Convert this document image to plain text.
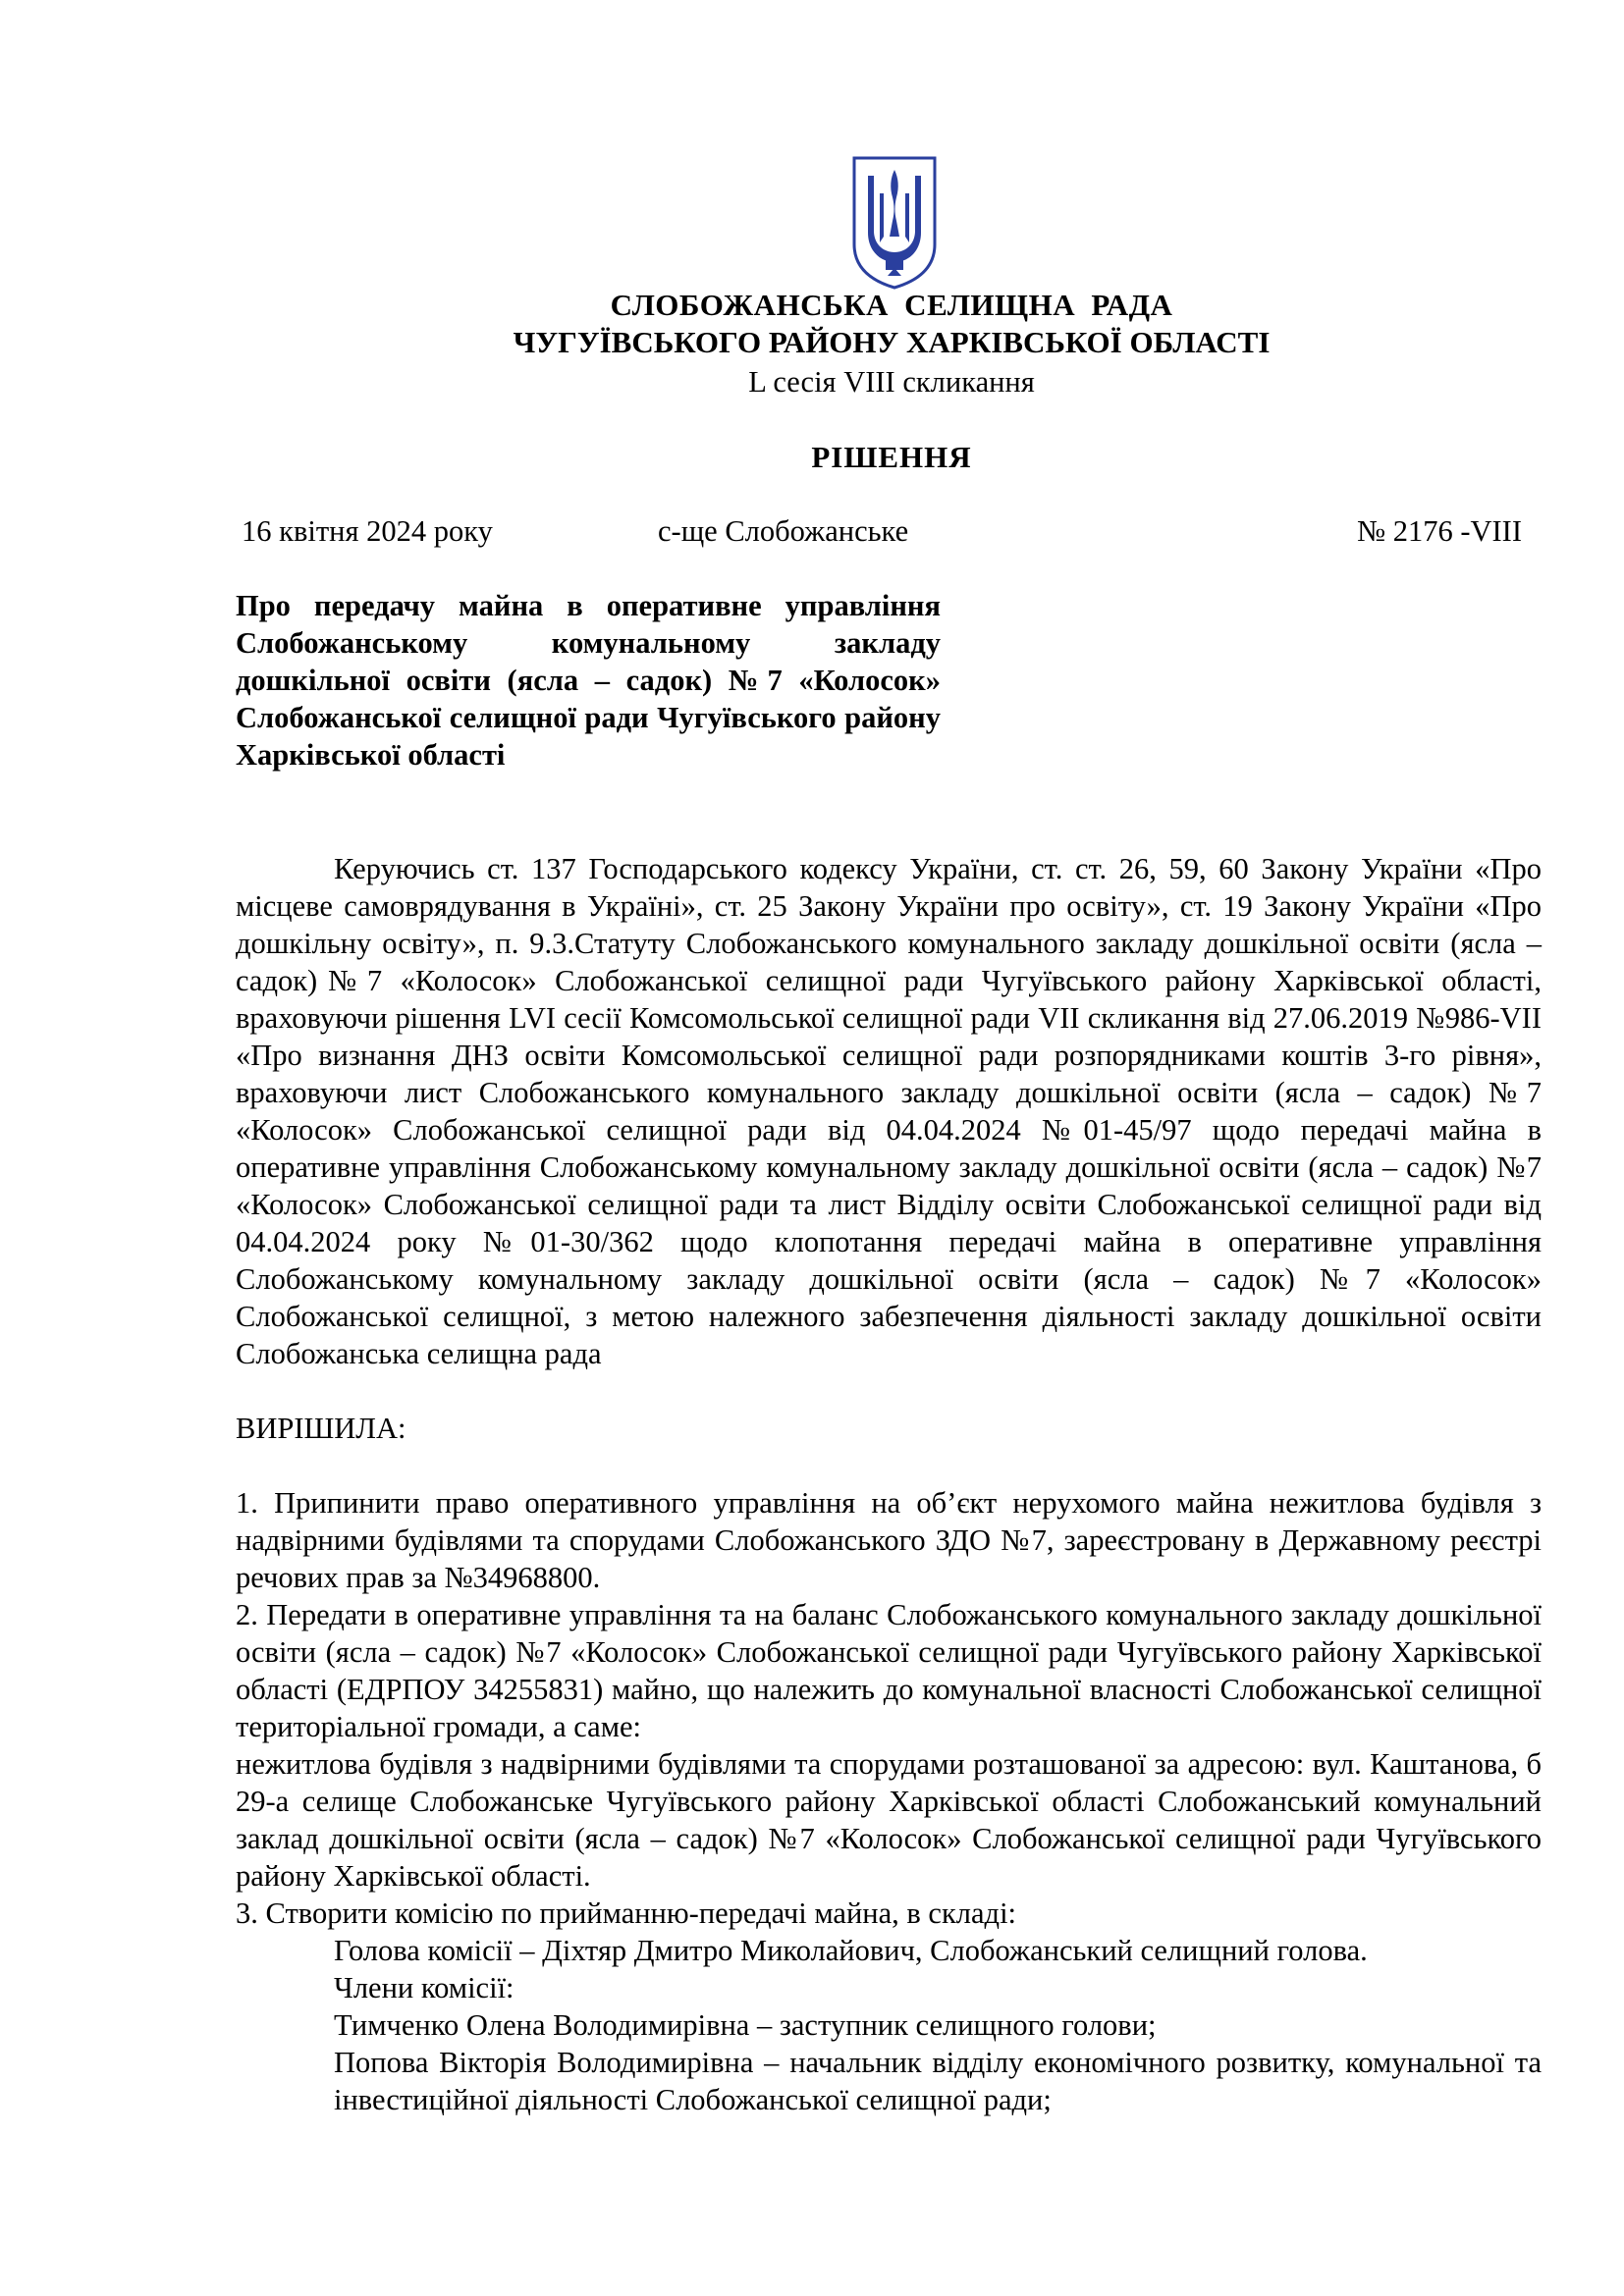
СЛОБОЖАНСЬКА СЕЛИЩНА РАДА
ЧУГУЇВСЬКОГО РАЙОНУ ХАРКІВСЬКОЇ ОБЛАСТІ
L сесія VIII скликання
РІШЕННЯ
16 квітня 2024 року	с-ще Слобожанське	№ 2176 -VIII
Про передачу майна в оперативне управління Слобожанському комунальному закладу дошкільної освіти (ясла – садок) №7 «Колосок» Слобожанської селищної ради Чугуївського району Харківської області

Керуючись ст. 137 Господарського кодексу України, ст. ст. 26, 59, 60 Закону України «Про місцеве самоврядування в Україні», ст. 25 Закону України про освіту», ст. 19 Закону України «Про дошкільну освіту», п. 9.3.Статуту Слобожанського комунального закладу дошкільної освіти (ясла – садок)№7 «Колосок» Слобожанської селищної ради Чугуївського району Харківської області, враховуючи рішення LVI сесії Комсомольської селищної ради VII скликання від 27.06.2019 №986-VII «Про визнання ДНЗ освіти Комсомольської селищної ради розпорядниками коштів 3-го рівня», враховуючи лист Слобожанського комунального закладу дошкільної освіти (ясла – садок) №7 «Колосок» Слобожанської селищної ради від 04.04.2024 №01-45/97 щодо передачі майна в оперативне управління Слобожанському комунальному закладу дошкільної освіти (ясла – садок) №7 «Колосок» Слобожанської селищної ради та лист Відділу освіти Слобожанської селищної ради від 04.04.2024 року №01-30/362 щодо клопотання передачі майна в оперативне управління Слобожанському комунальному закладу дошкільної освіти (ясла – садок) №7 «Колосок» Слобожанської селищної, з метою належного забезпечення діяльності закладу дошкільної освіти Слобожанська селищна рада

ВИРІШИЛА:

1. Припинити право оперативного управління на об’єкт нерухомого майна нежитлова будівля з надвірними будівлями та спорудами Слобожанського ЗДО №7, зареєстровану в Державному реєстрі речових прав за №34968800.

2. Передати в оперативне управління та на баланс Слобожанського комунального закладу дошкільної освіти (ясла – садок) №7 «Колосок» Слобожанської селищної ради Чугуївського району Харківської області (ЕДРПОУ 34255831) майно, що належить до комунальної власності Слобожанської селищної територіальної громади, а саме:

нежитлова будівля з надвірними будівлями та спорудами розташованої за адресою: вул. Каштанова, б 29-а селище Слобожанське Чугуївського району Харківської області Слобожанський комунальний заклад дошкільної освіти (ясла – садок) №7 «Колосок» Слобожанської селищної ради Чугуївського району Харківської області.

3. Створити комісію по прийманню-передачі майна, в складі:

Голова комісії – Діхтяр Дмитро Миколайович, Слобожанський селищний голова.

Члени комісії:

Тимченко Олена Володимирівна – заступник селищного голови;

Попова Вікторія Володимирівна – начальник відділу економічного розвитку, комунальної та інвестиційної діяльності Слобожанської селищної ради;
